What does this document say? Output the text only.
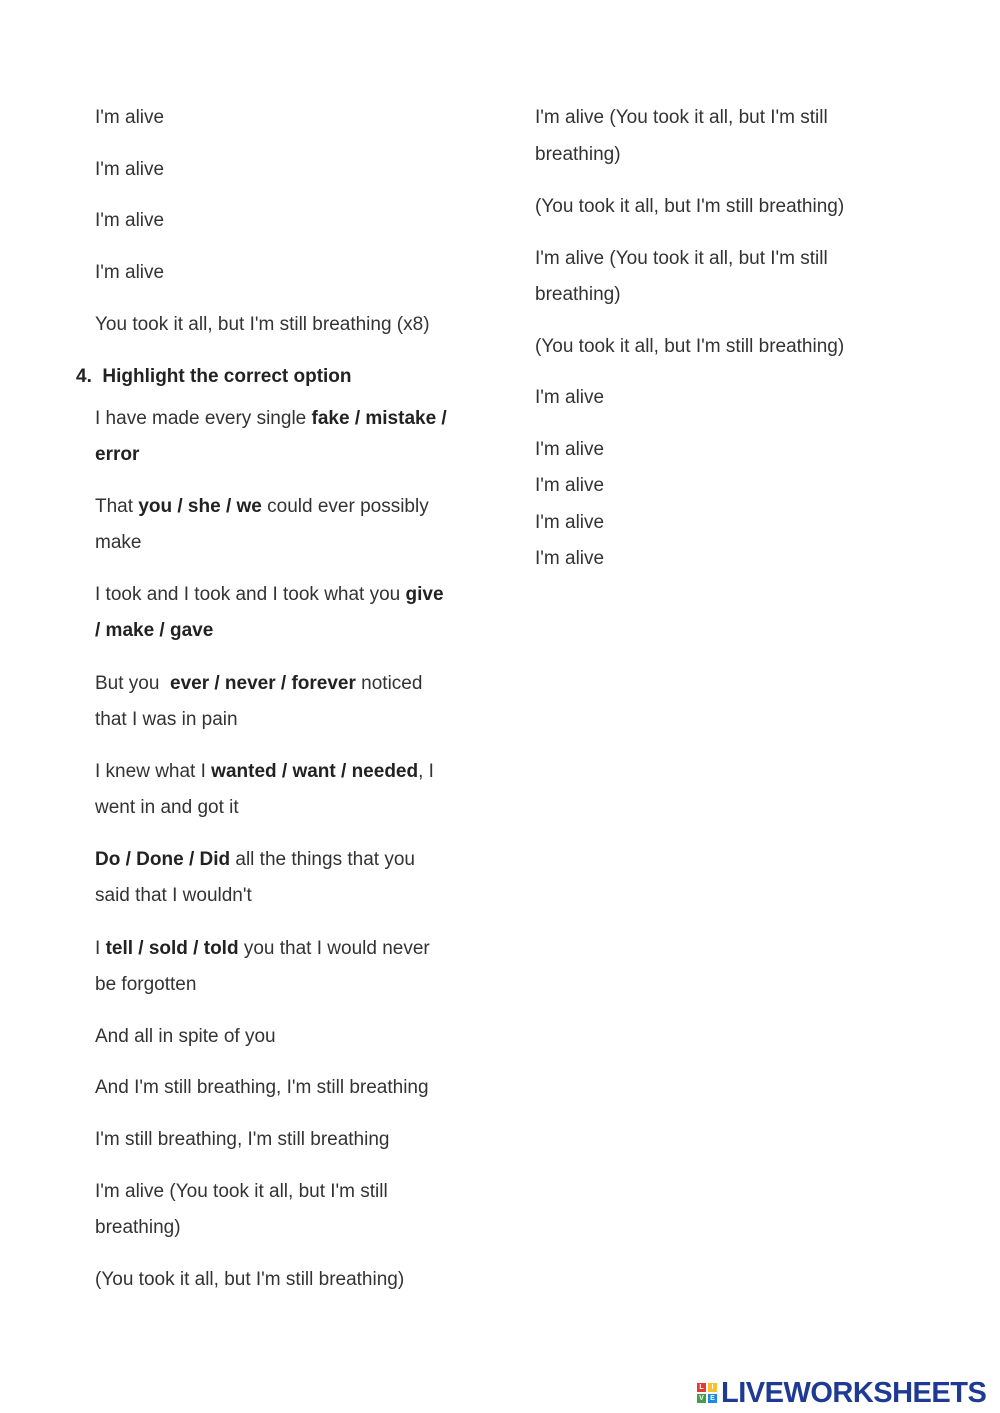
I'm alive
I'm alive
I'm alive
I'm alive
You took it all, but I'm still breathing (x8)
4. Highlight the correct option
I have made every single fake / mistake /
error
That you / she / we could ever possibly
make
I took and I took and I took what you give
/ make / gave
But you  ever / never / forever noticed
that I was in pain
I knew what I wanted / want / needed, I
went in and got it
Do / Done / Did all the things that you
said that I wouldn't
I tell / sold / told you that I would never
be forgotten
And all in spite of you
And I'm still breathing, I'm still breathing
I'm still breathing, I'm still breathing
I'm alive (You took it all, but I'm still
breathing)
(You took it all, but I'm still breathing)
I'm alive (You took it all, but I'm still
breathing)
(You took it all, but I'm still breathing)
I'm alive (You took it all, but I'm still
breathing)
(You took it all, but I'm still breathing)
I'm alive
I'm alive
I'm alive
I'm alive
I'm alive
L	I
V E LIVEWORKSHEETS
